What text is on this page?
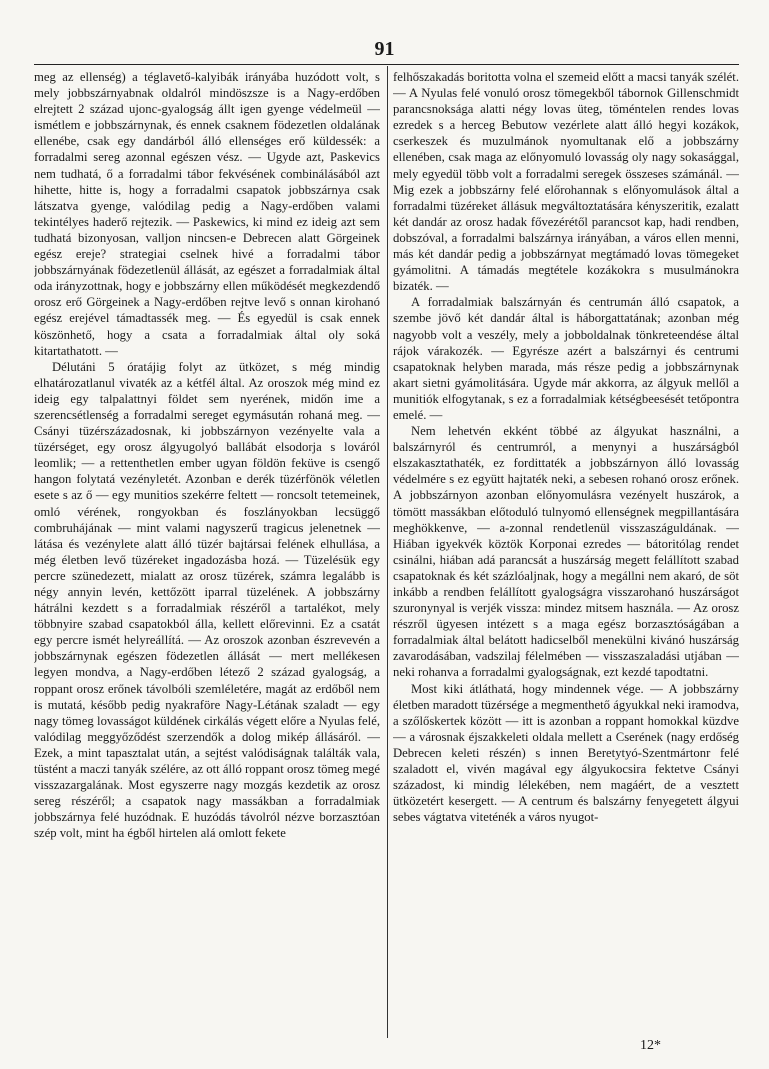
91

meg az ellenség) a téglavető-kalyibák irányába huzódott volt, s mely jobbszárnyabnak oldalról mindöszsze is a Nagy-erdőben elrejtett 2 század ujonc-gyalogság állt igen gyenge védelmeül — ismétlem e jobbszárnynak, és ennek csaknem födezetlen oldalának ellenébe, csak egy dandárból álló ellenséges erő küldessék: a forradalmi sereg azonnal egészen vész. — Ugyde azt, Paskevics nem tudhatá, ő a forradalmi tábor fekvésének combinálásából azt hihette, hitte is, hogy a forradalmi csapatok jobbszárnya csak látszatva gyenge, valódilag pedig a Nagy-erdőben valami tekintélyes haderő rejtezik. — Paskewics, ki mind ez ideig azt sem tudhatá bizonyosan, valljon nincsen-e Debrecen alatt Görgeinek egész ereje? strategiai cselnek hivé a forradalmi tábor jobbszárnyának födezetlenül állását, az egészet a forradalmiak által oda irányzottnak, hogy e jobbszárny ellen működését megkezdendő orosz erő Görgeinek a Nagy-erdőben rejtve levő s onnan kirohanó egész erejével támadtassék meg. — És egyedül is csak ennek köszönhető, hogy a csata a forradalmiak által oly soká kitartathatott. —

Délutáni 5 óratájig folyt az ütközet, s még mindig elhatározatlanul vivaték az a kétfél által. Az oroszok még mind ez ideig egy talpalattnyi földet sem nyerének, midőn ime a szerencsétlenség a forradalmi sereget egymásután rohaná meg. — Csányi tüzérszázadosnak, ki jobbszárnyon vezényelte vala a tüzérséget, egy orosz álgyugolyó ballábát elsodorja s lováról leomlik; — a rettenthetlen ember ugyan földön feküve is csengő hangon folytatá vezényletét. Azonban e derék tüzérfönök véletlen esete s az ő — egy munitios szekérre feltett — roncsolt tetemeinek, omló vérének, rongyokban és foszlányokban lecsüggő combruhájának — mint valami nagyszerű tragicus jelenetnek — látása és vezénylete alatt álló tüzér bajtársai felének elhullása, a még életben levő tüzéreket ingadozásba hozá. — Tüzelésük egy percre szünedezett, mialatt az orosz tüzérek, számra legalább is négy annyin levén, kettőzött iparral tüzelének. A jobbszárny hátrálni kezdett s a forradalmiak részéről a tartalékot, mely többnyire szabad csapatokból álla, kellett előrevinni. Ez a csatát egy percre ismét helyreállítá. — Az oroszok azonban észrevevén a jobbszárnynak egészen födezetlen állását — mert mellékesen legyen mondva, a Nagy-erdőben létező 2 század gyalogság, a roppant orosz erőnek távolbóli szemléletére, magát az erdőből nem is mutatá, később pedig nyakraföre Nagy-Létának szaladt — egy nagy tömeg lovasságot küldének cirkálás végett előre a Nyulas felé, valódilag meggyőződést szerzendők a dolog mikép állásáról. — Ezek, a mint tapasztalat után, a sejtést valódiságnak találták vala, tüstént a maczi tanyák szélére, az ott álló roppant orosz tömeg megé visszazargalának. Most egyszerre nagy mozgás kezdetik az orosz sereg részéről; a csapatok nagy massákban a forradalmiak jobbszárnya felé huzódnak. E huzódás távolról nézve borzasztóan szép volt, mint ha égből hirtelen alá omlott fekete

felhőszakadás boritotta volna el szemeid előtt a macsi tanyák szélét. — A Nyulas felé vonuló orosz tömegekből tábornok Gillenschmidt parancsnoksága alatti négy lovas üteg, töméntelen rendes lovas ezredek s a herceg Bebutow vezérlete alatt álló hegyi kozákok, cserkeszek és muzulmánok nyomultanak elő a jobbszárny ellenében, csak maga az előnyomuló lovasság oly nagy sokasággal, mely egyedül több volt a forradalmi seregek összeses számánál. — Mig ezek a jobbszárny felé előrohannak s előnyomulások által a forradalmi tüzéreket állásuk megváltoztatására kényszeritik, ezalatt két dandár az orosz hadak fővezérétől parancsot kap, hadi rendben, dobszóval, a forradalmi balszárnya irányában, a város ellen menni, más két dandár pedig a jobbszárnyat megtámadó lovas tömegeket gyámolitni. A támadás megtétele kozákokra s musulmánokra bizaték. —

A forradalmiak balszárnyán és centrumán álló csapatok, a szembe jövő két dandár által is háborgattatának; azonban még nagyobb volt a veszély, mely a jobboldalnak tönkreteendése által rájok várakozék. — Egyrésze azért a balszárnyi és centrumi csapatoknak helyben marada, más része pedig a jobbszárnynak akart sietni gyámolitására. Ugyde már akkorra, az álgyuk mellől a munitiók elfogytanak, s ez a forradalmiak kétségbeesését tetőpontra emelé. —

Nem lehetvén ekként többé az álgyukat használni, a balszárnyról és centrumról, a menynyi a huszárságból elszakasztathaték, ez fordittaték a jobbszárnyon álló lovasság védelmére s ez együtt hajtaték neki, a sebesen rohanó orosz erőnek. A jobbszárnyon azonban előnyomulásra vezényelt huszárok, a tömött massákban előtoduló tulnyomó ellenségnek megpillantására meghökkenve, — a-zonnal rendetlenül visszaszáguldának. — Hiában igyekvék köztök Korponai ezredes — bátoritólag rendet csinálni, hiában adá parancsát a huszárság megett felállított szabad csapatoknak és két százlóaljnak, hogy a megállni nem akaró, de söt inkább a rendben felállított gyalogságra visszarohanó huszárságot szuronynyal is verjék vissza: mindez mitsem használa. — Az orosz részről ügyesen intézett s a maga egész borzasztóságában a forradalmiak által belátott hadicselből menekülni kivánó huszárság zavarodásában, vadszilaj félelmében — visszaszaladási utjában — neki rohanva a forradalmi gyalogságnak, ezt kezdé tapodtatni.

Most kiki átláthatá, hogy mindennek vége. — A jobbszárny életben maradott tüzérsége a megmenthető ágyukkal neki iramodva, a szőlőskertek között — itt is azonban a roppant homokkal küzdve — a városnak éjszakkeleti oldala mellett a Cserének (nagy erdőség Debrecen keleti részén) s innen Beretytyó-Szentmártonr felé szaladott el, vivén magával egy álgyukocsira fektetve Csányi századost, ki mindig lélekében, nem magáért, de a vesztett ütközetért kesergett. — A centrum és balszárny fenyegetett álgyui sebes vágtatva viteténék a város nyugot-

12*
